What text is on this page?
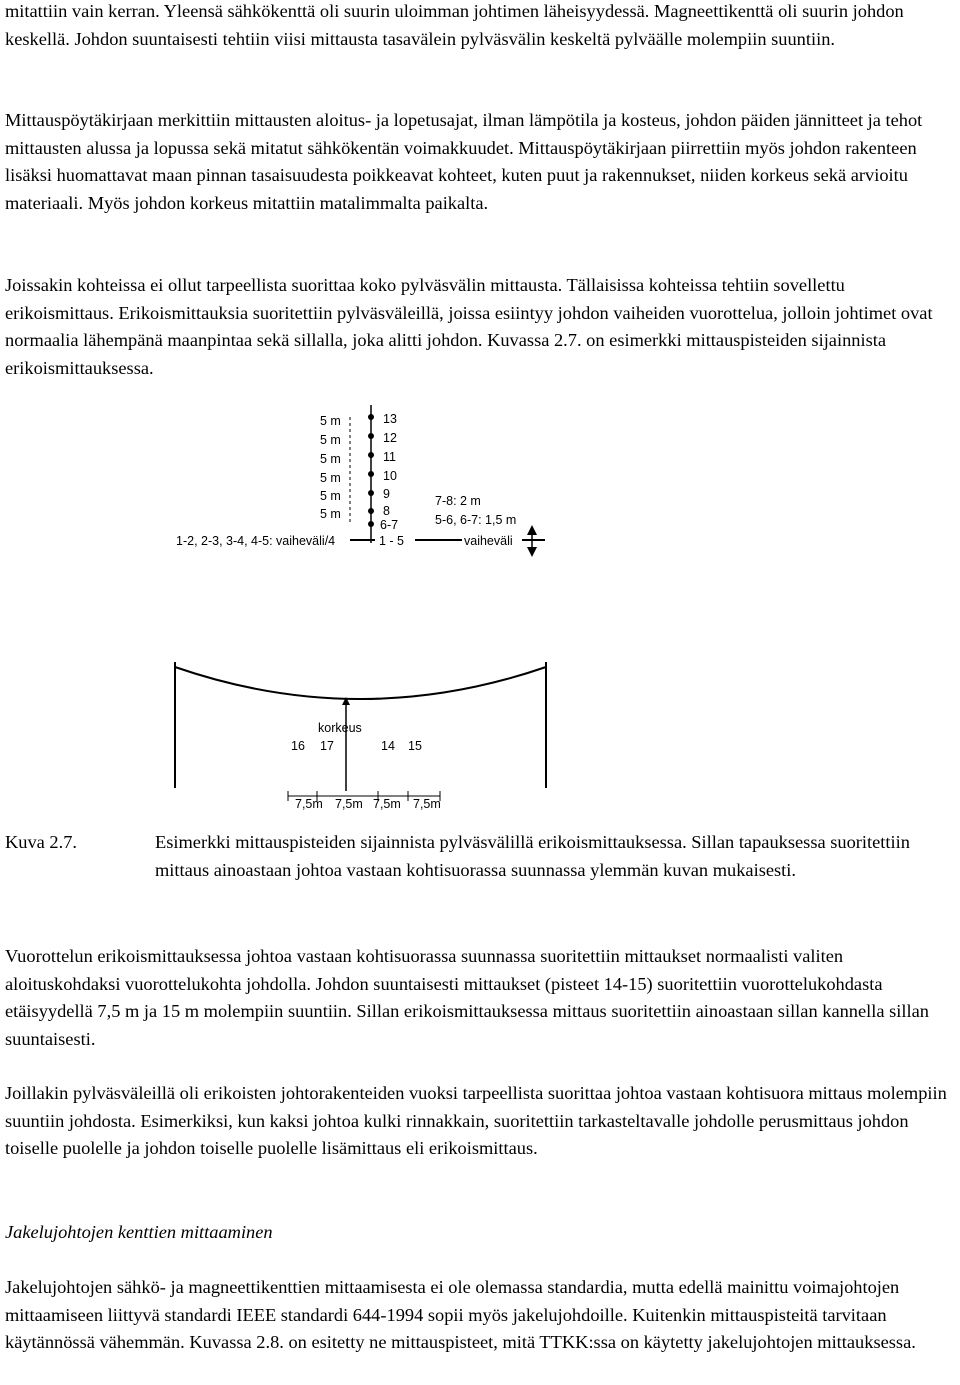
mitattiin vain kerran. Yleensä sähkökenttä oli suurin uloimman johtimen läheisyydessä. Magneettikenttä oli suurin johdon keskellä. Johdon suuntaisesti tehtiin viisi mittausta tasavälein pylväsvälin keskeltä pylväälle molempiin suuntiin.

Mittauspöytäkirjaan merkittiin mittausten aloitus- ja lopetusajat, ilman lämpötila ja kosteus, johdon päiden jännitteet ja tehot mittausten alussa ja lopussa sekä mitatut sähkökentän voimakkuudet. Mittauspöytäkirjaan piirrettiin myös johdon rakenteen lisäksi huomattavat maan pinnan tasaisuudesta poikkeavat kohteet, kuten puut ja rakennukset, niiden korkeus sekä arvioitu materiaali. Myös johdon korkeus mitattiin matalimmalta paikalta.

Joissakin kohteissa ei ollut tarpeellista suorittaa koko pylväsvälin mittausta. Tällaisissa kohteissa tehtiin sovellettu erikoismittaus. Erikoismittauksia suoritettiin pylväsväleillä, joissa esiintyy johdon vaiheiden vuorottelua, jolloin johtimet ovat normaalia lähempänä maanpintaa sekä sillalla, joka alitti johdon. Kuvassa 2.7. on esimerkki mittauspisteiden sijainnista erikoismittauksessa.

5 m
5 m
5 m
5 m
5 m
5 m
13
12
11
10
9
8
6-7
7-8: 2 m
5-6, 6-7: 1,5 m
1-2, 2-3, 3-4, 4-5: vaiheväli/4	1 - 5	vaiheväli
korkeus
16 17	14 15
7,5m 7,5m 7,5m 7,5m
Kuva 2.7.	Esimerkki mittauspisteiden sijainnista pylväsvälillä erikoismittauksessa. Sillan tapauksessa suoritettiin mittaus ainoastaan johtoa vastaan kohtisuorassa suunnassa ylemmän kuvan mukaisesti.

Vuorottelun erikoismittauksessa johtoa vastaan kohtisuorassa suunnassa suoritettiin mittaukset normaalisti valiten aloituskohdaksi vuorottelukohta johdolla. Johdon suuntaisesti mittaukset (pisteet 14-15) suoritettiin vuorottelukohdasta etäisyydellä 7,5 m ja 15 m molempiin suuntiin. Sillan erikoismittauksessa mittaus suoritettiin ainoastaan sillan kannella sillan suuntaisesti.

Joillakin pylväsväleillä oli erikoisten johtorakenteiden vuoksi tarpeellista suorittaa johtoa vastaan kohtisuora mittaus molempiin suuntiin johdosta. Esimerkiksi, kun kaksi johtoa kulki rinnakkain, suoritettiin tarkasteltavalle johdolle perusmittaus johdon toiselle puolelle ja johdon toiselle puolelle lisämittaus eli erikoismittaus.

Jakelujohtojen kenttien mittaaminen

Jakelujohtojen sähkö- ja magneettikenttien mittaamisesta ei ole olemassa standardia, mutta edellä mainittu voimajohtojen mittaamiseen liittyvä standardi IEEE standardi 644-1994 sopii myös jakelujohdoille. Kuitenkin mittauspisteitä tarvitaan käytännössä vähemmän. Kuvassa 2.8. on esitetty ne mittauspisteet, mitä TTKK:ssa on käytetty jakelujohtojen mittauksessa.
